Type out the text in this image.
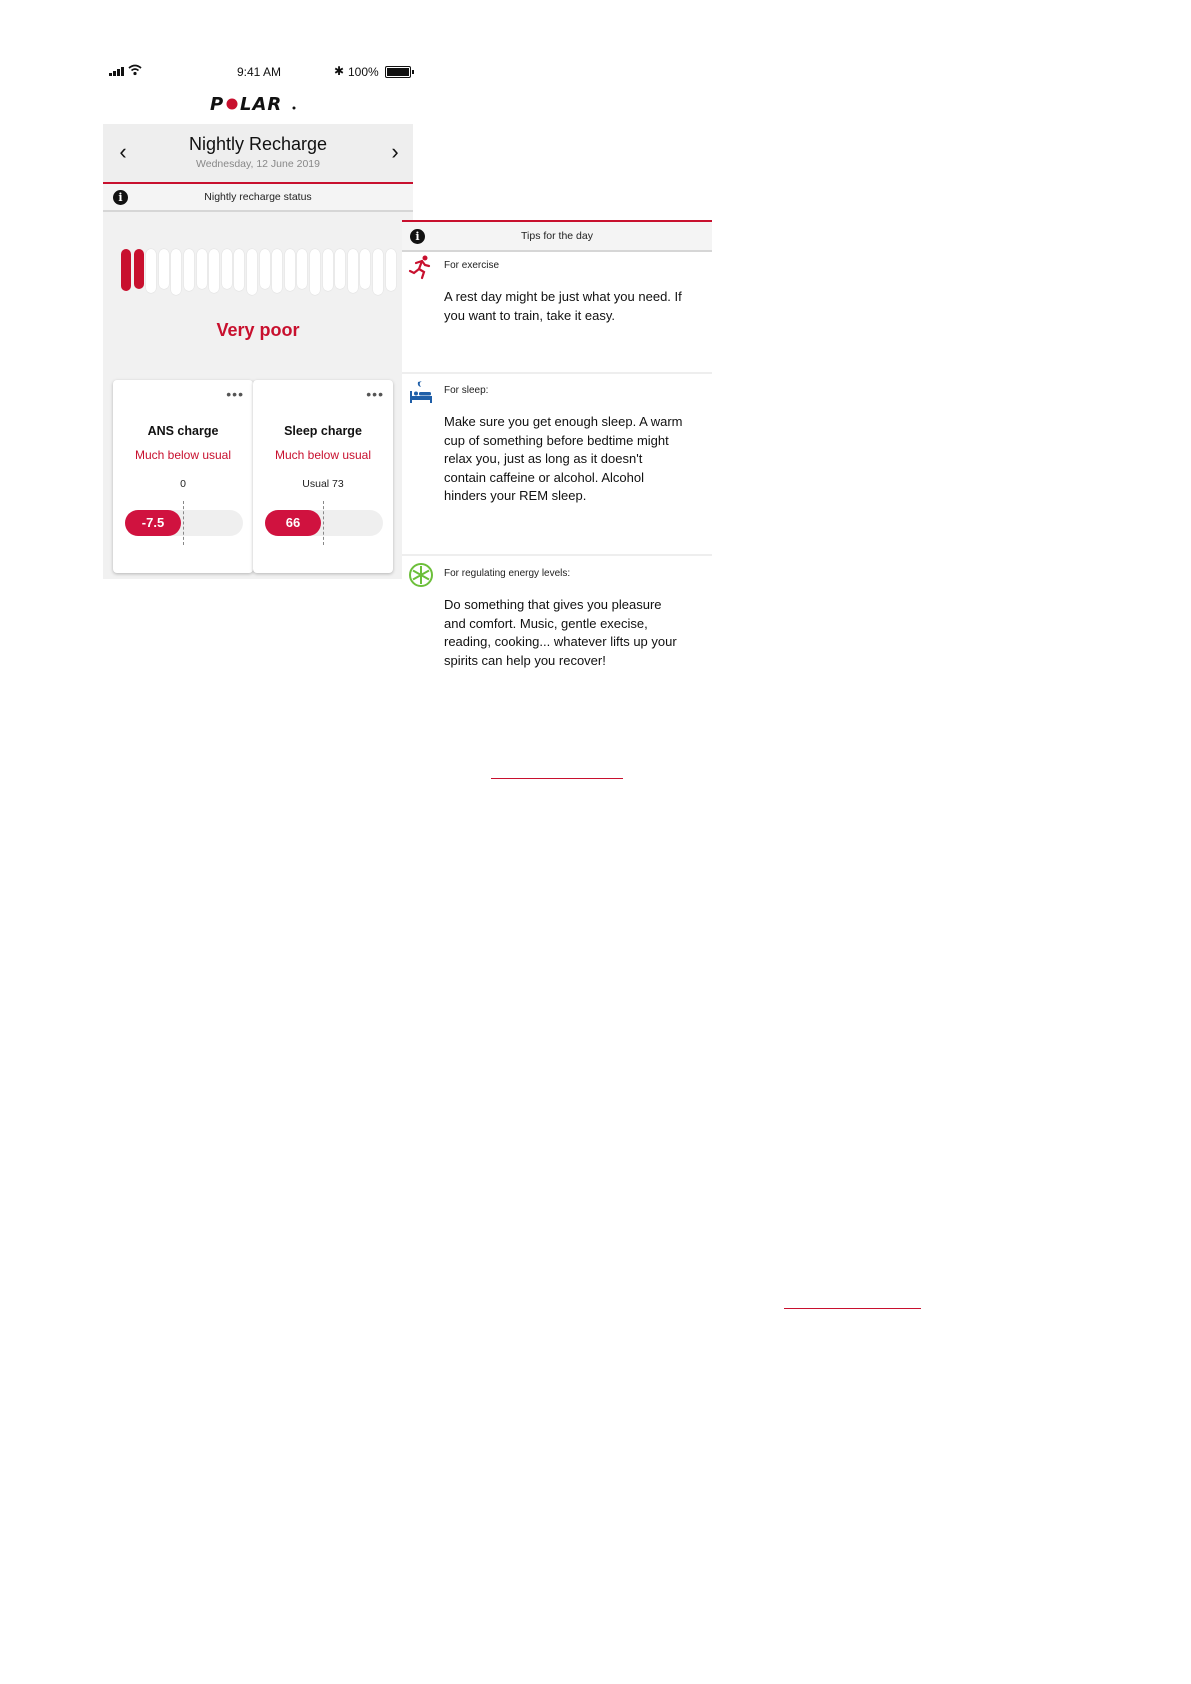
9:41 AM	✱ 100%
P LAR
‹	Nightly Recharge
Wednesday, 12 June 2019	›
i	Nightly recharge status
Very poor
•••
ANS charge
Much below usual
0
-7.5
•••
Sleep charge
Much below usual
Usual 73
66
i	Tips for the day
For exercise
A rest day might be just what you need. If you want to train, take it easy.
For sleep:
Make sure you get enough sleep. A warm cup of something before bedtime might relax you, just as long as it doesn't contain caffeine or alcohol. Alcohol hinders your REM sleep.
For regulating energy levels:
Do something that gives you pleasure and comfort. Music, gentle execise, reading, cooking... whatever lifts up your spirits can help you recover!
